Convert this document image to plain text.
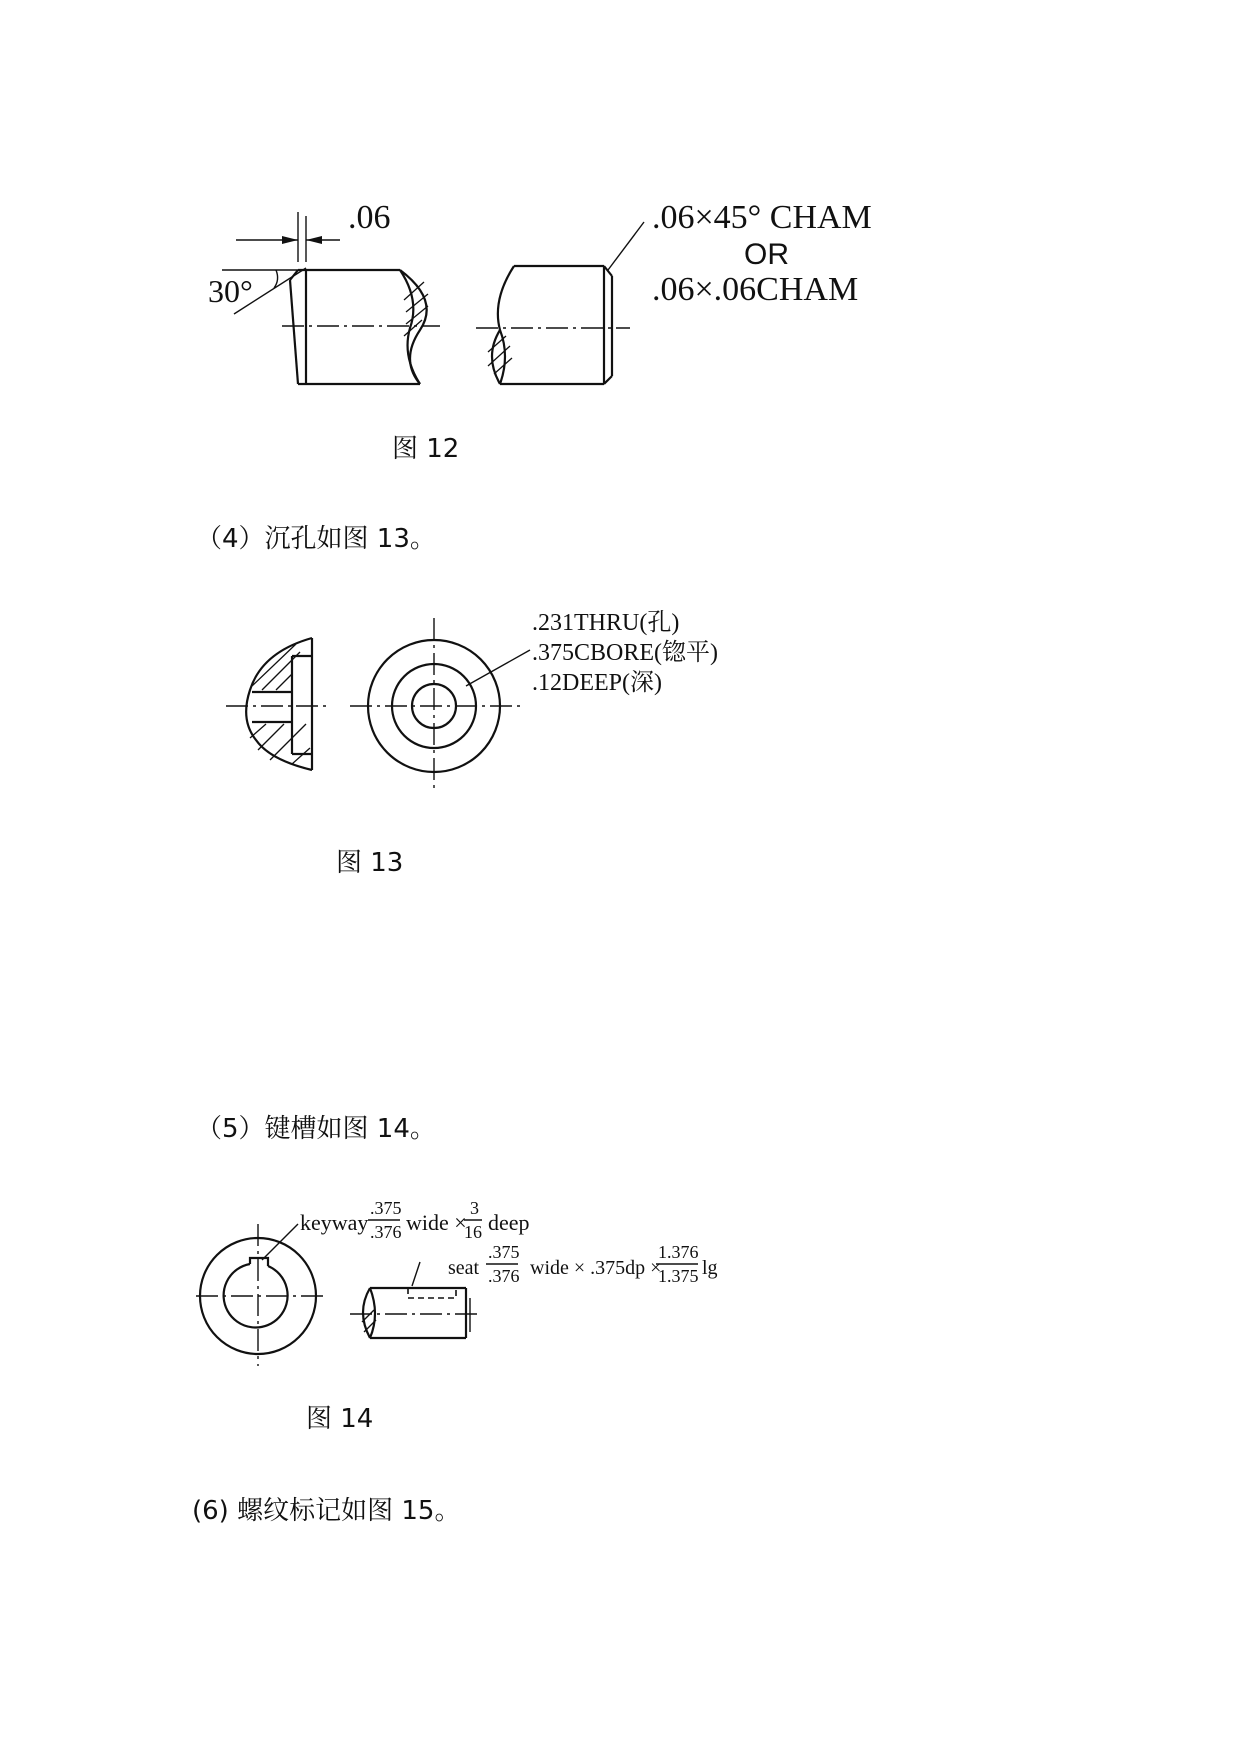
.06
30°
.06×45° CHAM
OR
.06×.06CHAM
图 12
（4）沉孔如图 13。
.231THRU(孔)
.375CBORE(锪平)
.12DEEP(深)
图 13
（5）键槽如图 14。
keyway
.375
.376 wide ×
3
16 deep
seat
.375
.376 wide × .375dp ×
1.376
1.375 lg
图 14
(6) 螺纹标记如图 15。
